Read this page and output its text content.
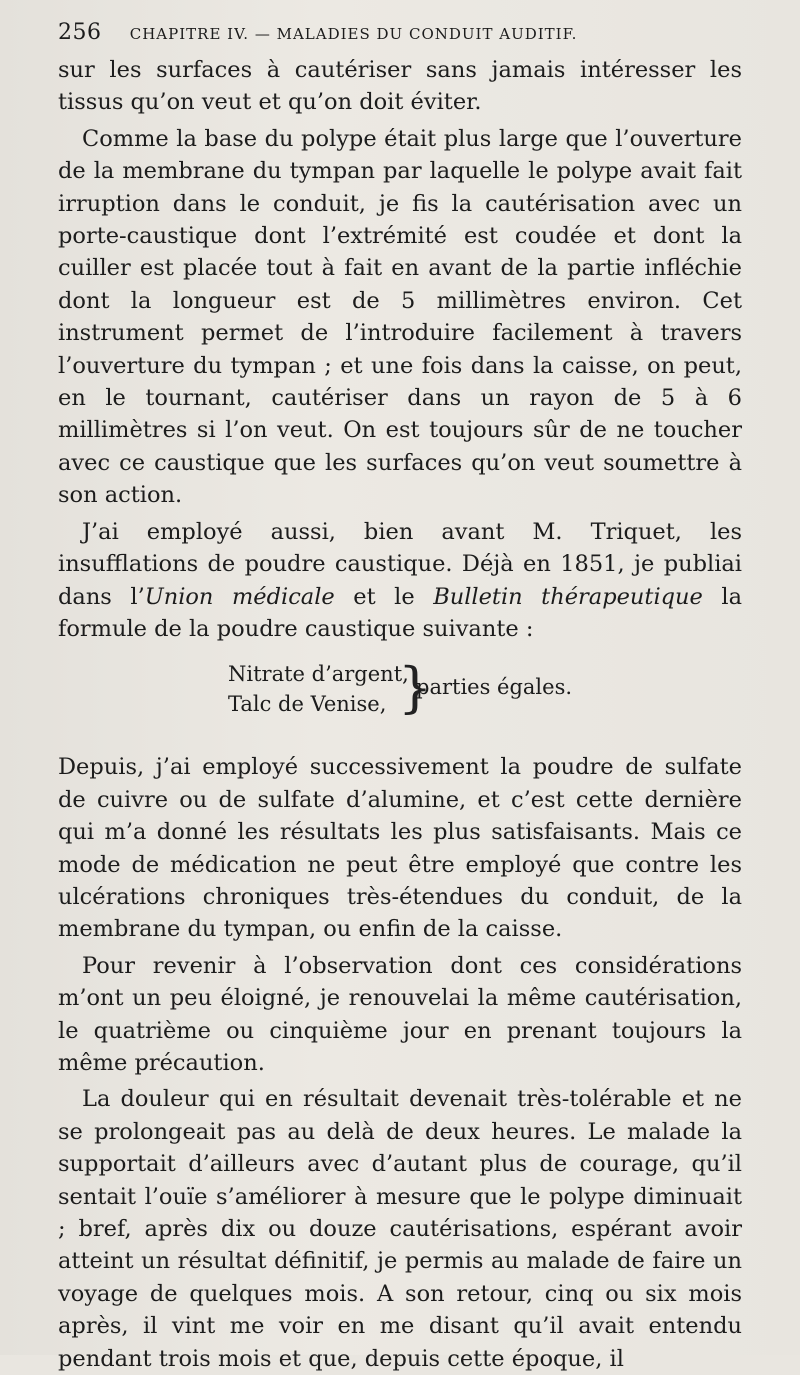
256 CHAPITRE IV. — MALADIES DU CONDUIT AUDITIF.

sur les surfaces à cautériser sans jamais intéresser les tissus qu’on veut et qu’on doit éviter.

Comme la base du polype était plus large que l’ouverture de la membrane du tympan par laquelle le polype avait fait irruption dans le conduit, je fis la cautérisation avec un porte-caustique dont l’extrémité est coudée et dont la cuiller est placée tout à fait en avant de la partie infléchie dont la longueur est de 5 millimètres environ. Cet instrument permet de l’introduire facilement à travers l’ouverture du tympan ; et une fois dans la caisse, on peut, en le tournant, cautériser dans un rayon de 5 à 6 millimètres si l’on veut. On est toujours sûr de ne toucher avec ce caustique que les surfaces qu’on veut soumettre à son action.

J’ai employé aussi, bien avant M. Triquet, les insufflations de poudre caustique. Déjà en 1851, je publiai dans l’Union médicale et le Bulletin thérapeutique la formule de la poudre caustique suivante :

Nitrate d’argent,
Talc de Venise, }
parties égales.

Depuis, j’ai employé successivement la poudre de sulfate de cuivre ou de sulfate d’alumine, et c’est cette dernière qui m’a donné les résultats les plus satisfaisants. Mais ce mode de médication ne peut être employé que contre les ulcérations chroniques très-étendues du conduit, de la membrane du tympan, ou enfin de la caisse.

Pour revenir à l’observation dont ces considérations m’ont un peu éloigné, je renouvelai la même cautérisation, le quatrième ou cinquième jour en prenant toujours la même précaution.

La douleur qui en résultait devenait très-tolérable et ne se prolongeait pas au delà de deux heures. Le malade la supportait d’ailleurs avec d’autant plus de courage, qu’il sentait l’ouïe s’améliorer à mesure que le polype diminuait ; bref, après dix ou douze cautérisations, espérant avoir atteint un résultat définitif, je permis au malade de faire un voyage de quelques mois. A son retour, cinq ou six mois après, il vint me voir en me disant qu’il avait entendu pendant trois mois et que, depuis cette époque, il
